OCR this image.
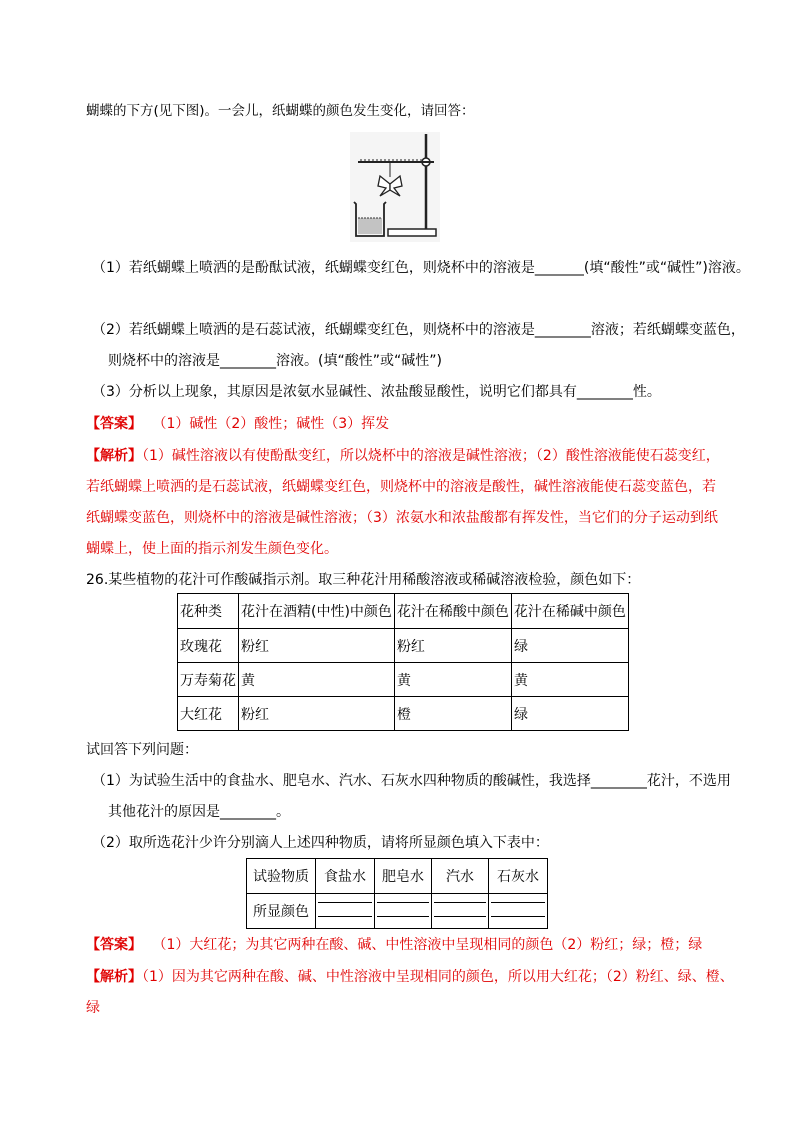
蝴蝶的下方(见下图)。一会儿，纸蝴蝶的颜色发生变化，请回答：
（1）若纸蝴蝶上喷洒的是酚酞试液，纸蝴蝶变红色，则烧杯中的溶液是_______(填“酸性”或“碱性”)溶液。
（2）若纸蝴蝶上喷洒的是石蕊试液，纸蝴蝶变红色，则烧杯中的溶液是________溶液；若纸蝴蝶变蓝色，
则烧杯中的溶液是________溶液。(填“酸性”或“碱性”)
（3）分析以上现象，其原因是浓氨水显碱性、浓盐酸显酸性，说明它们都具有________性。
【答案】 （1）碱性（2）酸性；碱性（3）挥发
【解析】（1）碱性溶液以有使酚酞变红，所以烧杯中的溶液是碱性溶液；（2）酸性溶液能使石蕊变红，
若纸蝴蝶上喷洒的是石蕊试液，纸蝴蝶变红色，则烧杯中的溶液是酸性，碱性溶液能使石蕊变蓝色，若
纸蝴蝶变蓝色，则烧杯中的溶液是碱性溶液；（3）浓氨水和浓盐酸都有挥发性，当它们的分子运动到纸
蝴蝶上，使上面的指示剂发生颜色变化。
26.某些植物的花汁可作酸碱指示剂。取三种花汁用稀酸溶液或稀碱溶液检验，颜色如下：
花种类	花汁在酒精(中性)中颜色	花汁在稀酸中颜色	花汁在稀碱中颜色
玫瑰花	粉红	粉红	绿
万寿菊花	黄	黄	黄
大红花	粉红	橙	绿
试回答下列问题：
（1）为试验生活中的食盐水、肥皂水、汽水、石灰水四种物质的酸碱性，我选择________花汁，不选用
其他花汁的原因是________。
（2）取所选花汁少许分别滴人上述四种物质，请将所显颜色填入下表中：
试验物质	食盐水	肥皂水	汽水	石灰水
所显颜色	

【答案】 （1）大红花；为其它两种在酸、碱、中性溶液中呈现相同的颜色（2）粉红；绿；橙；绿
【解析】（1）因为其它两种在酸、碱、中性溶液中呈现相同的颜色，所以用大红花；（2）粉红、绿、橙、
绿
